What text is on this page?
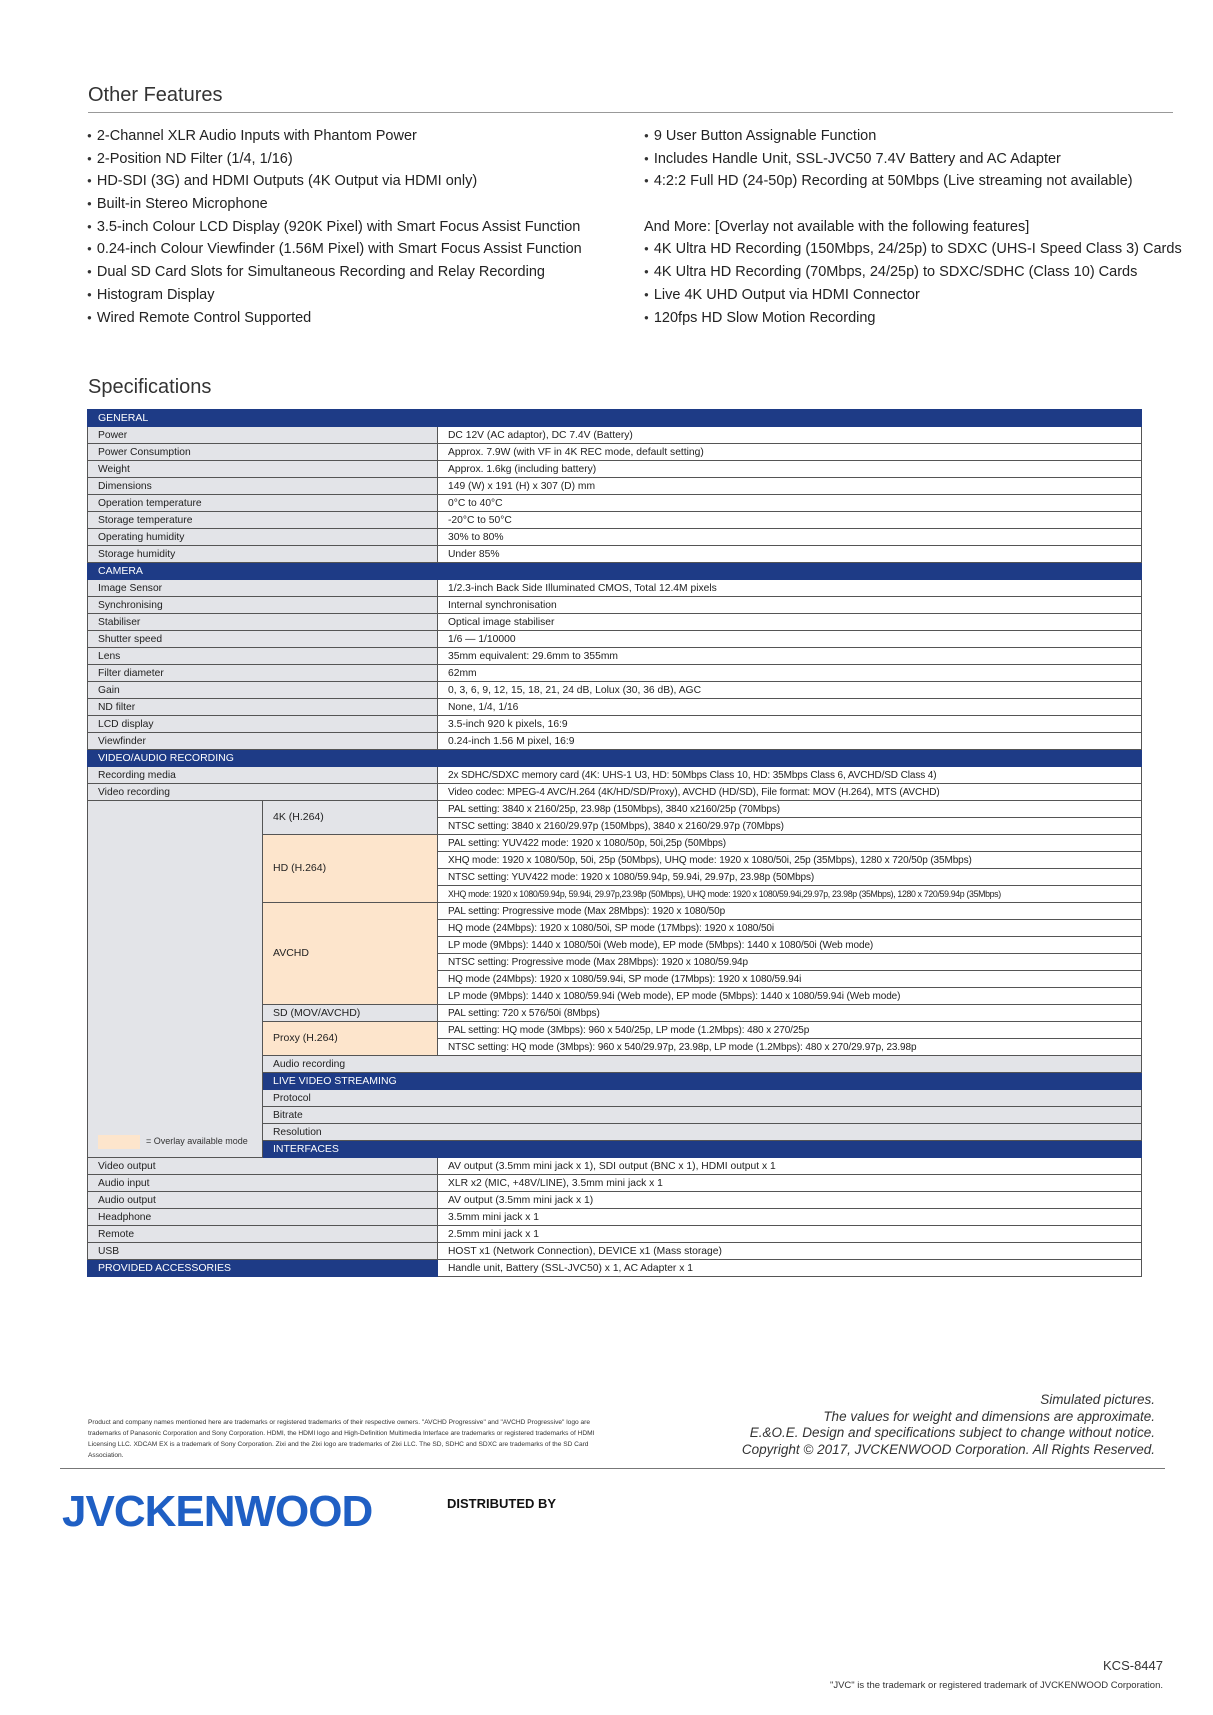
Other Features
● 2-Channel XLR Audio Inputs with Phantom Power
● 2-Position ND Filter (1/4, 1/16)
● HD-SDI (3G) and HDMI Outputs (4K Output via HDMI only)
● Built-in Stereo Microphone
● 3.5-inch Colour LCD Display (920K Pixel) with Smart Focus Assist Function
● 0.24-inch Colour Viewfinder (1.56M Pixel) with Smart Focus Assist Function
● Dual SD Card Slots for Simultaneous Recording and Relay Recording
● Histogram Display
● Wired Remote Control Supported
● 9 User Button Assignable Function
● Includes Handle Unit, SSL-JVC50 7.4V Battery and AC Adapter
● 4:2:2 Full HD (24-50p) Recording at 50Mbps (Live streaming not available)
And More: [Overlay not available with the following features]
● 4K Ultra HD Recording (150Mbps, 24/25p) to SDXC (UHS-I Speed Class 3) Cards
● 4K Ultra HD Recording (70Mbps, 24/25p) to SDXC/SDHC (Class 10) Cards
● Live 4K UHD Output via HDMI Connector
● 120fps HD Slow Motion Recording
Specifications
GENERAL			
Power		DC 12V (AC adaptor), DC 7.4V (Battery)	
Power Consumption		Approx. 7.9W (with VF in 4K REC mode, default setting)	
Weight		Approx. 1.6kg (including battery)	
Dimensions		149 (W) x 191 (H) x 307 (D) mm	
Operation temperature		0°C to 40°C	
Storage temperature		-20°C to 50°C	
Operating humidity		30% to 80%	
Storage humidity		Under 85%	
CAMERA			
Image Sensor		1/2.3-inch Back Side Illuminated CMOS, Total 12.4M pixels	
Synchronising		Internal synchronisation	
Stabiliser		Optical image stabiliser	
Shutter speed		1/6 — 1/10000	
Lens		35mm equivalent: 29.6mm to 355mm	
Filter diameter		62mm	
Gain		0, 3, 6, 9, 12, 15, 18, 21, 24 dB, Lolux (30, 36 dB), AGC	
ND filter		None, 1/4, 1/16	
LCD display		3.5-inch 920 k pixels, 16:9	
Viewfinder		0.24-inch 1.56 M pixel, 16:9	
VIDEO/AUDIO RECORDING			
Recording media		2x SDHC/SDXC memory card (4K: UHS-1 U3, HD: 50Mbps Class 10, HD: 35Mbps Class 6, AVCHD/SD Class 4)	
Video recording		Video codec: MPEG-4 AVC/H.264 (4K/HD/SD/Proxy), AVCHD (HD/SD), File format: MOV (H.264), MTS (AVCHD)	

= Overlay available mode	4K (H.264)	PAL setting: 3840 x 2160/25p, 23.98p (150Mbps), 3840 x2160/25p (70Mbps)	
		NTSC setting: 3840 x 2160/29.97p (150Mbps), 3840 x 2160/29.97p (70Mbps)	
	HD (H.264)	PAL setting: YUV422 mode: 1920 x 1080/50p, 50i,25p (50Mbps)	
		XHQ mode: 1920 x 1080/50p, 50i, 25p (50Mbps), UHQ mode: 1920 x 1080/50i, 25p (35Mbps), 1280 x 720/50p (35Mbps)	
		NTSC setting: YUV422 mode: 1920 x 1080/59.94p, 59.94i, 29.97p, 23.98p (50Mbps)	
		XHQ mode: 1920 x 1080/59.94p, 59.94i, 29.97p,23.98p (50Mbps), UHQ mode: 1920 x 1080/59.94i,29.97p, 23.98p (35Mbps), 1280 x 720/59.94p (35Mbps)	
	AVCHD	PAL setting: Progressive mode (Max 28Mbps): 1920 x 1080/50p	
		HQ mode (24Mbps): 1920 x 1080/50i, SP mode (17Mbps): 1920 x 1080/50i	
		LP mode (9Mbps): 1440 x 1080/50i (Web mode), EP mode (5Mbps): 1440 x 1080/50i (Web mode)	
		NTSC setting: Progressive mode (Max 28Mbps): 1920 x 1080/59.94p	
		HQ mode (24Mbps): 1920 x 1080/59.94i, SP mode (17Mbps): 1920 x 1080/59.94i	
		LP mode (9Mbps): 1440 x 1080/59.94i (Web mode), EP mode (5Mbps): 1440 x 1080/59.94i (Web mode)	
	SD (MOV/AVCHD)	PAL setting: 720 x 576/50i (8Mbps)	
	Proxy (H.264)	PAL setting: HQ mode (3Mbps): 960 x 540/25p, LP mode (1.2Mbps): 480 x 270/25p	
		NTSC setting: HQ mode (3Mbps): 960 x 540/29.97p, 23.98p, LP mode (1.2Mbps): 480 x 270/29.97p, 23.98p	
	Audio recording	
	LIVE VIDEO STREAMING		
	Protocol	
	Bitrate	
	Resolution	
	INTERFACES		
Video output		AV output (3.5mm mini jack x 1), SDI output (BNC x 1), HDMI output x 1	
Audio input		XLR x2 (MIC, +48V/LINE), 3.5mm mini jack x 1	
Audio output		AV output (3.5mm mini jack x 1)	
Headphone		3.5mm mini jack x 1	
Remote		2.5mm mini jack x 1	
USB		HOST x1 (Network Connection), DEVICE x1 (Mass storage)	
PROVIDED ACCESSORIES		Handle unit, Battery (SSL-JVC50) x 1, AC Adapter x 1	
Product and company names mentioned here are trademarks or registered trademarks of their respective owners. "AVCHD Progressive" and "AVCHD Progressive" logo are trademarks of Panasonic Corporation and Sony Corporation. HDMI, the HDMI logo and High-Definition Multimedia Interface are trademarks or registered trademarks of HDMI Licensing LLC. XDCAM EX is a trademark of Sony Corporation. Zixi and the Zixi logo are trademarks of Zixi LLC. The SD, SDHC and SDXC are trademarks of the SD Card Association.
Simulated pictures.
The values for weight and dimensions are approximate.
E.&O.E. Design and specifications subject to change without notice.
Copyright © 2017, JVCKENWOOD Corporation. All Rights Reserved.
JVCKENWOOD	DISTRIBUTED BY
KCS-8447
"JVC" is the trademark or registered trademark of JVCKENWOOD Corporation.
